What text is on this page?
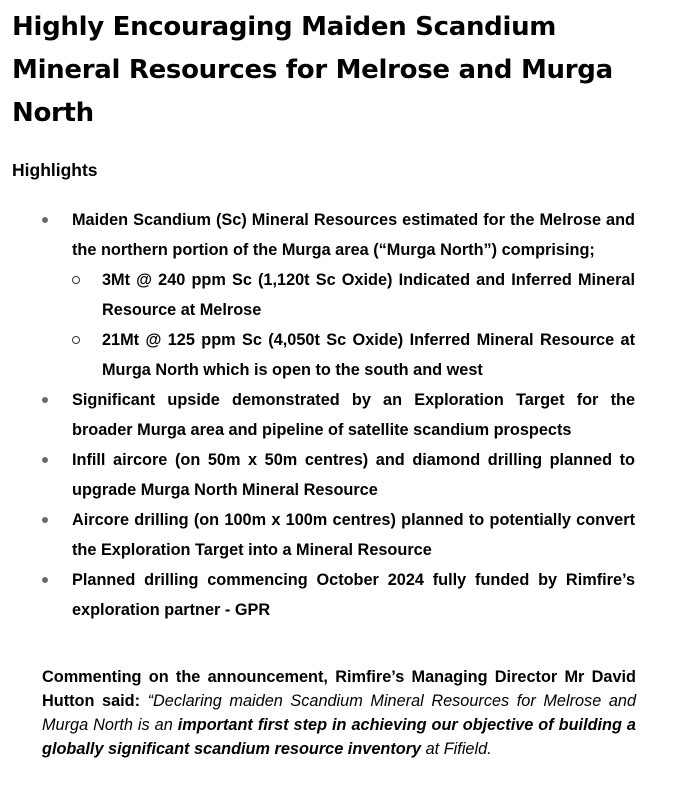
Highly Encouraging Maiden Scandium Mineral Resources for Melrose and Murga North
Highlights
Maiden Scandium (Sc) Mineral Resources estimated for the Melrose and the northern portion of the Murga area (“Murga North”) comprising;
3Mt @ 240 ppm Sc (1,120t Sc Oxide) Indicated and Inferred Mineral Resource at Melrose
21Mt @ 125 ppm Sc (4,050t Sc Oxide) Inferred Mineral Resource at Murga North which is open to the south and west
Significant upside demonstrated by an Exploration Target for the broader Murga area and pipeline of satellite scandium prospects
Infill aircore (on 50m x 50m centres) and diamond drilling planned to upgrade Murga North Mineral Resource
Aircore drilling (on 100m x 100m centres) planned to potentially convert the Exploration Target into a Mineral Resource
Planned drilling commencing October 2024 fully funded by Rimfire’s exploration partner - GPR

Commenting on the announcement, Rimfire’s Managing Director Mr David Hutton said: “Declaring maiden Scandium Mineral Resources for Melrose and Murga North is an important first step in achieving our objective of building a globally significant scandium resource inventory at Fifield.
